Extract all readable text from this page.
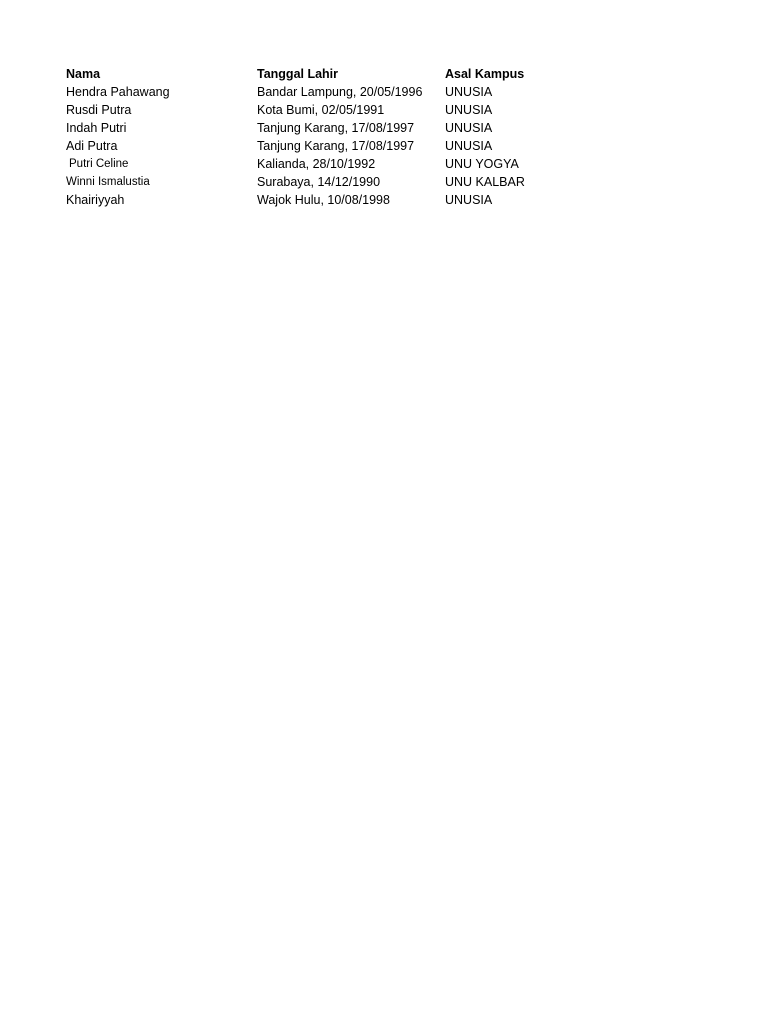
Nama	Tanggal Lahir	Asal Kampus
Hendra Pahawang	Bandar Lampung, 20/05/1996	UNUSIA
Rusdi Putra	Kota Bumi, 02/05/1991	UNUSIA
Indah Putri	Tanjung Karang, 17/08/1997	UNUSIA
Adi Putra	Tanjung Karang, 17/08/1997	UNUSIA
Putri Celine	Kalianda, 28/10/1992	UNU YOGYA
Winni Ismalustia	Surabaya, 14/12/1990	UNU KALBAR
Khairiyyah	Wajok Hulu, 10/08/1998	UNUSIA
